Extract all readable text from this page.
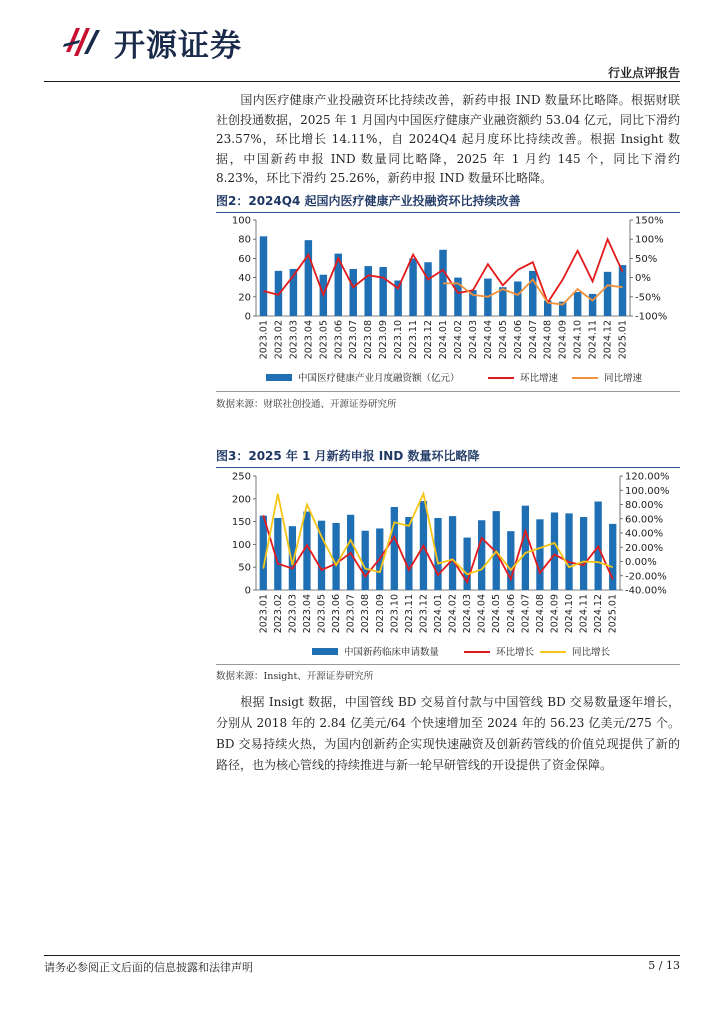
开源证券
行业点评报告
国内医疗健康产业投融资环比持续改善，新药申报 IND 数量环比略降。根据财联社创投通数据，2025 年 1 月国内中国医疗健康产业融资额约 53.04 亿元，同比下滑约 23.57%，环比增长 14.11%，自 2024Q4 起月度环比持续改善。根据 Insight 数据，中国新药申报 IND 数量同比略降，2025 年 1 月约 145 个，同比下滑约 8.23%，环比下滑约 25.26%，新药申报 IND 数量环比略降。
图2：2024Q4 起国内医疗健康产业投融资环比持续改善
0
20
40
60
80
100
-100%
-50%
0%
50%
100%
150%
2023.01 2023.02 2023.03 2023.04 2023.05 2023.06 2023.07 2023.08 2023.09 2023.10 2023.11 2023.12 2024.01 2024.02 2024.03 2024.04 2024.05 2024.06 2024.07 2024.08 2024.09 2024.10 2024.11 2024.12 2025.01
中国医疗健康产业月度融资额（亿元）	环比增速	同比增速
数据来源：财联社创投通、开源证券研究所
图3：2025 年 1 月新药申报 IND 数量环比略降
0
50
100
150
200
250
-40.00%
-20.00%
0.00%
20.00%
40.00%
60.00%
80.00%
100.00%
120.00%
2023.01 2023.02 2023.03 2023.04 2023.05 2023.06 2023.07 2023.08 2023.09 2023.10 2023.11 2023.12 2024.01 2024.02 2024.03 2024.04 2024.05 2024.06 2024.07 2024.08 2024.09 2024.10 2024.11 2024.12 2025.01
中国新药临床申请数量	环比增长	同比增长
数据来源：Insight、开源证券研究所
根据 Insigt 数据，中国管线 BD 交易首付款与中国管线 BD 交易数量逐年增长，分别从 2018 年的 2.84 亿美元/64 个快速增加至 2024 年的 56.23 亿美元/275 个。BD 交易持续火热，为国内创新药企实现快速融资及创新药管线的价值兑现提供了新的路径，也为核心管线的持续推进与新一轮早研管线的开设提供了资金保障。
请务必参阅正文后面的信息披露和法律声明	5 / 13
